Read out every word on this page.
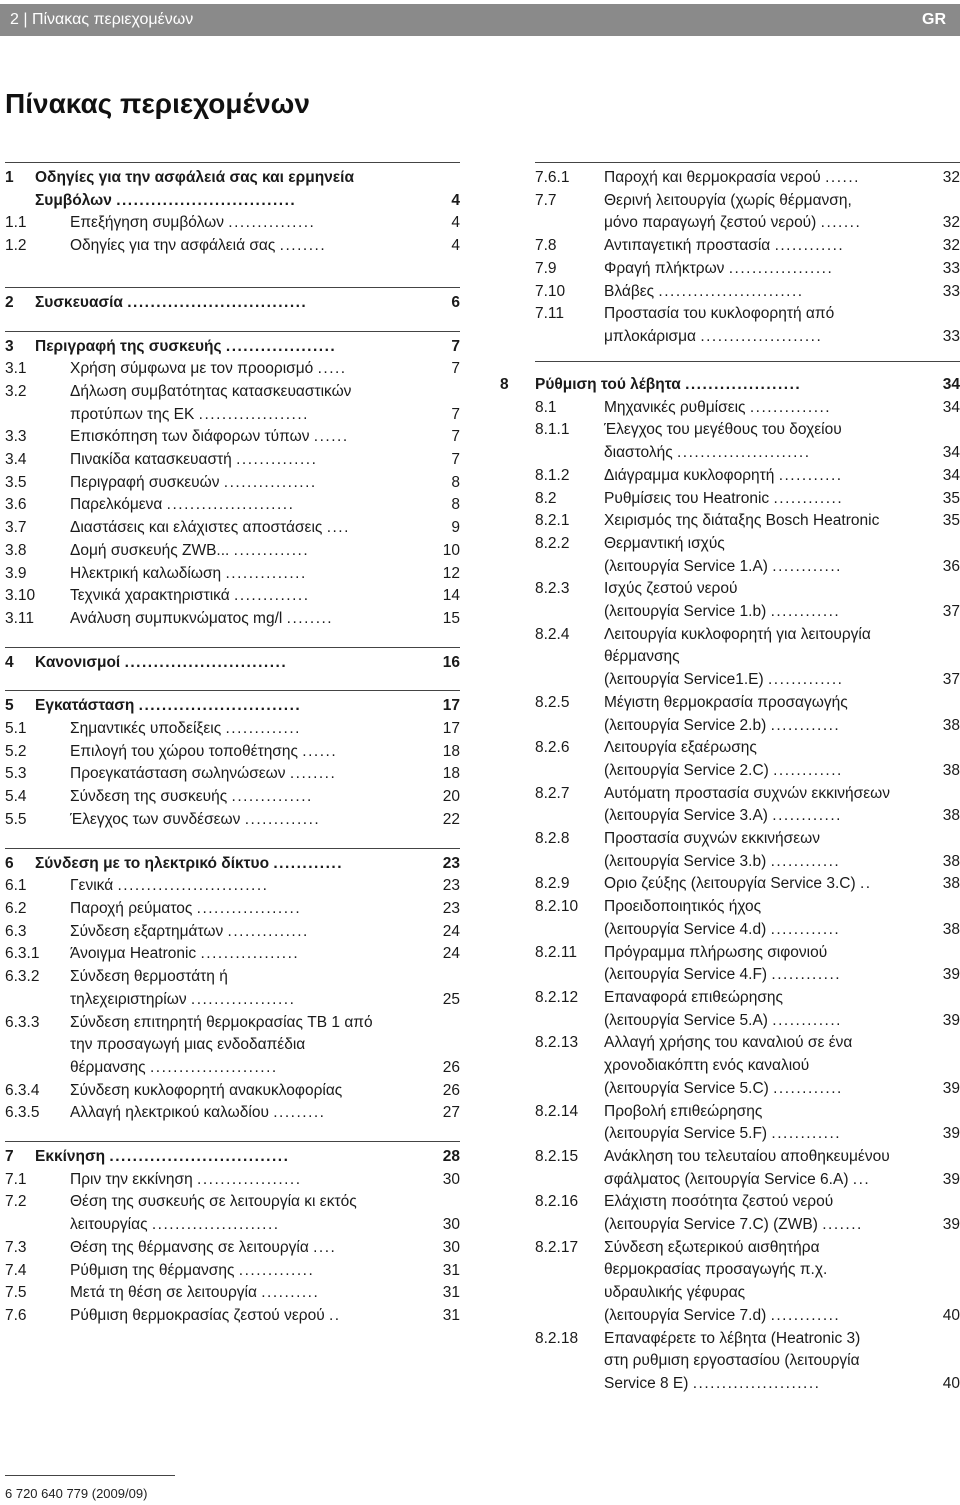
2 | Πίνακας περιεχομένων	GR
Πίνακας περιεχομένων
1	Οδηγίες για την ασφάλειά σας και ερμηνεία
Συμβόλων ...............................	4
1.1	Επεξήγηση συμβόλων ...............	4
1.2	Οδηγίες για την ασφάλειά σας ........	4
2	Συσκευασία ...............................	6
3	Περιγραφή της συσκευής ...................	7
3.1	Χρήση σύμφωνα με τον προορισμό .....	7
3.2	Δήλωση συμβατότητας κατασκευαστικών
προτύπων της ΕΚ ...................	7
3.3	Επισκόπηση των διάφορων τύπων ......	7
3.4	Πινακίδα κατασκευαστή ..............	7
3.5	Περιγραφή συσκευών ................	8
3.6	Παρελκόμενα ......................	8
3.7	Διαστάσεις και ελάχιστες αποστάσεις ....	9
3.8	Δομή συσκευής ZWB... .............	10
3.9	Ηλεκτρική καλωδίωση ..............	12
3.10	Τεχνικά χαρακτηριστικά .............	14
3.11	Ανάλυση συμπυκνώματος mg/l ........	15
4	Κανονισμοί ............................	16
5	Εγκατάσταση ............................	17
5.1	Σημαντικές υποδείξεις .............	17
5.2	Επιλογή του χώρου τοποθέτησης ......	18
5.3	Προεγκατάσταση σωληνώσεων ........	18
5.4	Σύνδεση της συσκευής ..............	20
5.5	Έλεγχος των συνδέσεων .............	22
6	Σύνδεση με το ηλεκτρικό δίκτυο ............	23
6.1	Γενικά ..........................	23
6.2	Παροχή ρεύματος ..................	23
6.3	Σύνδεση εξαρτημάτων ..............	24
6.3.1	Άνοιγμα Heatronic .................	24
6.3.2	Σύνδεση θερμοστάτη ή
τηλεχειριστηρίων ..................	25
6.3.3	Σύνδεση επιτηρητή θερμοκρασίας TB 1 από
την προσαγωγή μιας ενδοδαπέδια
θέρμανσης ......................	26
6.3.4	Σύνδεση κυκλοφορητή ανακυκλοφορίας	26
6.3.5	Αλλαγή ηλεκτρικού καλωδίου .........	27
7	Εκκίνηση ...............................	28
7.1	Πριν την εκκίνηση ..................	30
7.2	Θέση της συσκευής σε λειτουργία κι εκτός
λειτουργίας ......................	30
7.3	Θέση της θέρμανσης σε λειτουργία ....	30
7.4	Ρύθμιση της θέρμανσης .............	31
7.5	Μετά τη θέση σε λειτουργία ..........	31
7.6	Ρύθμιση θερμοκρασίας ζεστού νερού ..	31
7.6.1	Παροχή και θερμοκρασία νερού ......	32
7.7	Θερινή λειτουργία (χωρίς θέρμανση,
μόνο παραγωγή ζεστού νερού) .......	32
7.8	Αντιπαγετική προστασία ............	32
7.9	Φραγή πλήκτρων ..................	33
7.10	Βλάβες .........................	33
7.11	Προστασία του κυκλοφορητή από
μπλοκάρισμα .....................	33
8	Ρύθμιση τού λέβητα ....................	34
8.1	Μηχανικές ρυθμίσεις ..............	34
8.1.1	Έλεγχος του μεγέθους του δοχείου
διαστολής .......................	34
8.1.2	Διάγραμμα κυκλοφορητή ...........	34
8.2	Ρυθμίσεις του Heatronic ............	35
8.2.1	Χειρισμός της διάταξης Bosch Heatronic	35
8.2.2	Θερμαντική ισχύς
(λειτουργία Service 1.A) ............	36
8.2.3	Ισχύς ζεστού νερού
(λειτουργία Service 1.b) ............	37
8.2.4	Λειτουργία κυκλοφορητή για λειτουργία
θέρμανσης
(λειτουργία Service1.E) .............	37
8.2.5	Μέγιστη θερμοκρασία προσαγωγής
(λειτουργία Service 2.b) ............	38
8.2.6	Λειτουργία εξαέρωσης
(λειτουργία Service 2.C) ............	38
8.2.7	Αυτόματη προστασία συχνών εκκινήσεων
(λειτουργία Service 3.A) ............	38
8.2.8	Προστασία συχνών εκκινήσεων
(λειτουργία Service 3.b) ............	38
8.2.9	Οριο ζεύξης (λειτουργία Service 3.C) ..	38
8.2.10	Προειδοποιητικός ήχος
(λειτουργία Service 4.d) ............	38
8.2.11	Πρόγραμμα πλήρωσης σιφονιού
(λειτουργία Service 4.F) ............	39
8.2.12	Επαναφορά επιθεώρησης
(λειτουργία Service 5.A) ............	39
8.2.13	Αλλαγή χρήσης του καναλιού σε ένα
χρονοδιακόπτη ενός καναλιού
(λειτουργία Service 5.C) ............	39
8.2.14	Προβολή επιθεώρησης
(λειτουργία Service 5.F) ............	39
8.2.15	Ανάκληση του τελευταίου αποθηκευμένου
σφάλματος (λειτουργία Service 6.A) ...	39
8.2.16	Ελάχιστη ποσότητα ζεστού νερού
(λειτουργία Service 7.C) (ZWB) .......	39
8.2.17	Σύνδεση εξωτερικού αισθητήρα
θερμοκρασίας προσαγωγής π.χ.
υδραυλικής γέφυρας
(λειτουργία Service 7.d) ............	40
8.2.18	Επαναφέρετε το λέβητα (Heatronic 3)
στη ρυθμιση εργοστασίου (λειτουργία
Service 8 E) ......................	40
6 720 640 779 (2009/09)
